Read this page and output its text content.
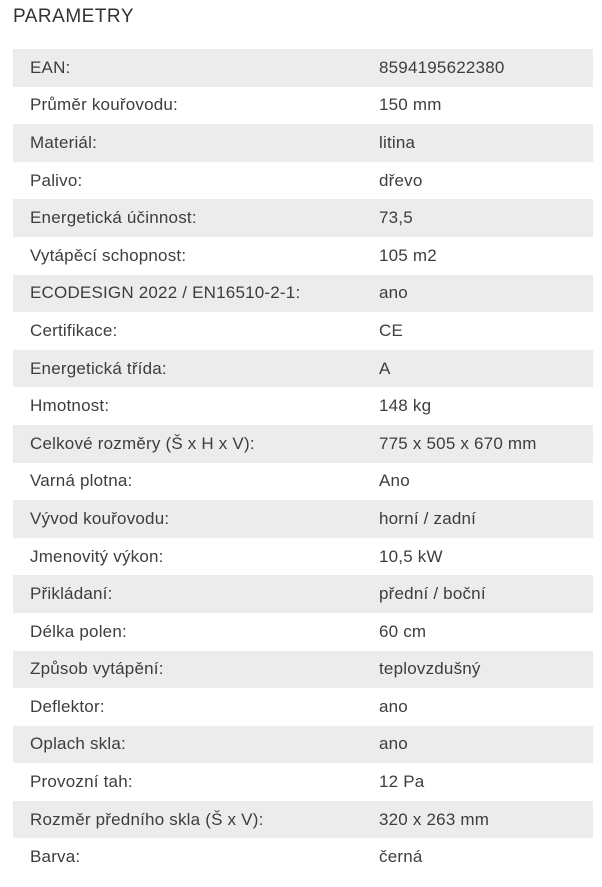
PARAMETRY
EAN:	8594195622380
Průměr kouřovodu:	150 mm
Materiál:	litina
Palivo:	dřevo
Energetická účinnost:	73,5
Vytápěcí schopnost:	105 m2
ECODESIGN 2022 / EN16510-2-1:	ano
Certifikace:	CE
Energetická třída:	A
Hmotnost:	148 kg
Celkové rozměry (Š x H x V):	775 x 505 x 670 mm
Varná plotna:	Ano
Vývod kouřovodu:	horní / zadní
Jmenovitý výkon:	10,5 kW
Přikládaní:	přední / boční
Délka polen:	60 cm
Způsob vytápění:	teplovzdušný
Deflektor:	ano
Oplach skla:	ano
Provozní tah:	12 Pa
Rozměr předního skla (Š x V):	320 x 263 mm
Barva:	černá
